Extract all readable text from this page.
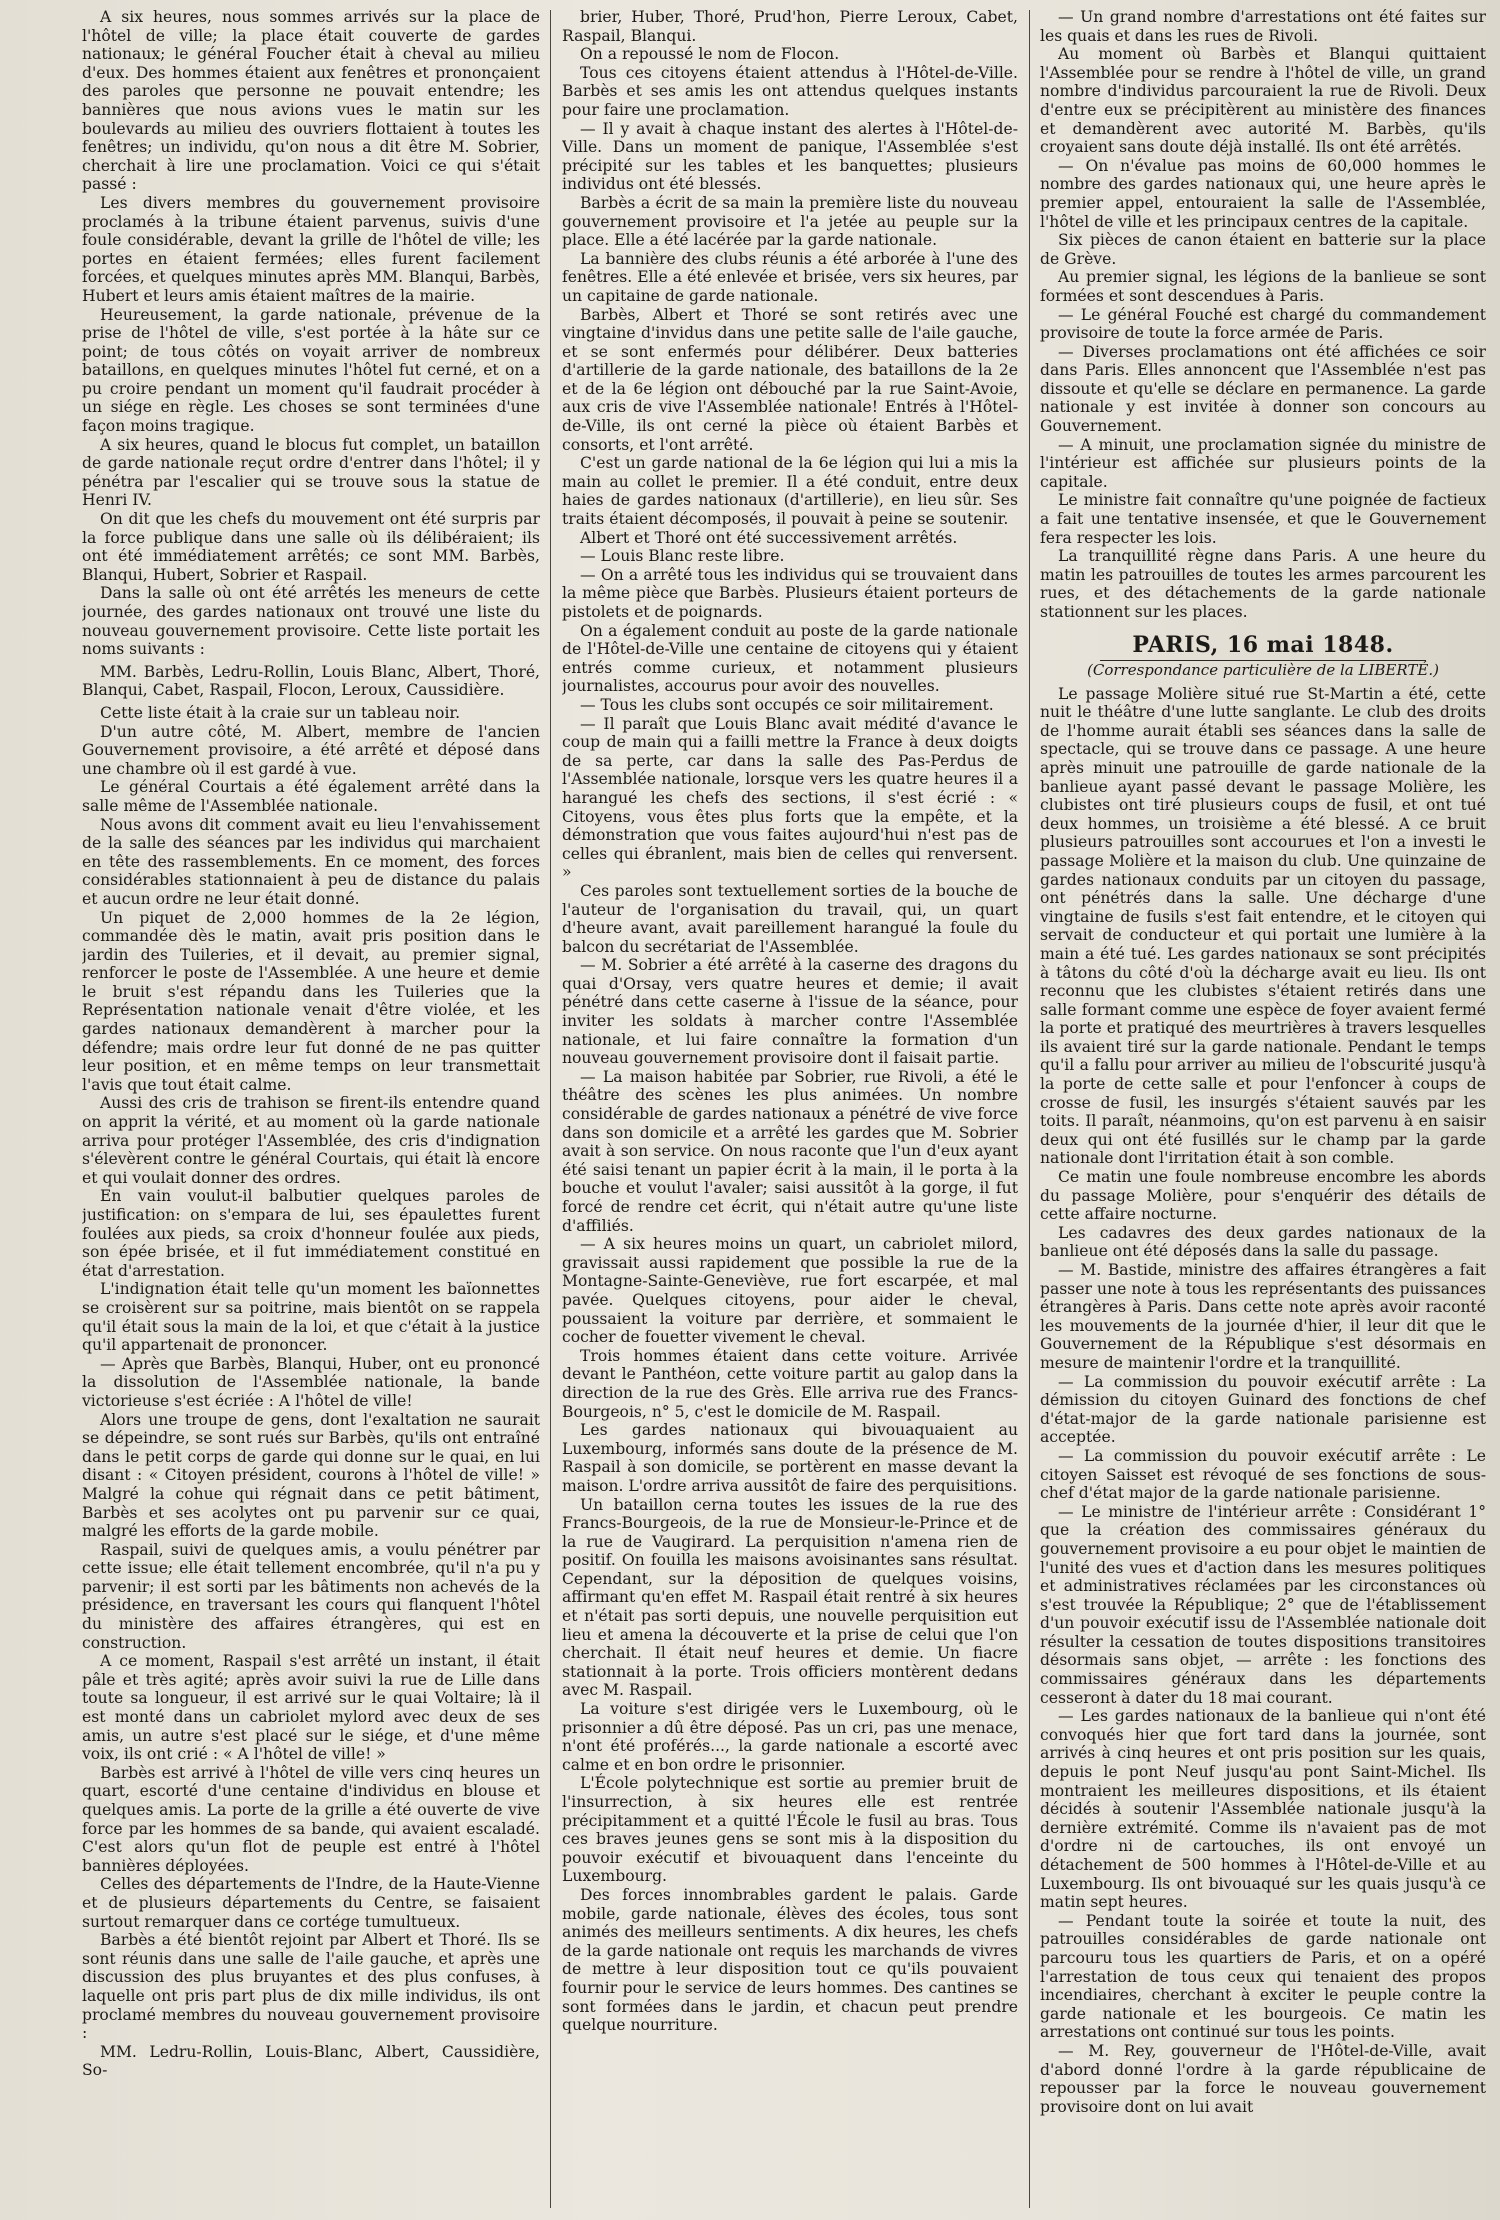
A six heures, nous sommes arrivés sur la place de l'hôtel de ville; la place était couverte de gardes nationaux; le général Foucher était à cheval au milieu d'eux. Des hommes étaient aux fenêtres et prononçaient des paroles que personne ne pouvait entendre; les bannières que nous avions vues le matin sur les boulevards au milieu des ouvriers flottaient à toutes les fenêtres; un individu, qu'on nous a dit être M. Sobrier, cherchait à lire une proclamation. Voici ce qui s'était passé :

Les divers membres du gouvernement provisoire proclamés à la tribune étaient parvenus, suivis d'une foule considérable, devant la grille de l'hôtel de ville; les portes en étaient fermées; elles furent facilement forcées, et quelques minutes après MM. Blanqui, Barbès, Hubert et leurs amis étaient maîtres de la mairie.

Heureusement, la garde nationale, prévenue de la prise de l'hôtel de ville, s'est portée à la hâte sur ce point; de tous côtés on voyait arriver de nombreux bataillons, en quelques minutes l'hôtel fut cerné, et on a pu croire pendant un moment qu'il faudrait procéder à un siége en règle. Les choses se sont terminées d'une façon moins tragique.

A six heures, quand le blocus fut complet, un bataillon de garde nationale reçut ordre d'entrer dans l'hôtel; il y pénétra par l'escalier qui se trouve sous la statue de Henri IV.

On dit que les chefs du mouvement ont été surpris par la force publique dans une salle où ils délibéraient; ils ont été immédiatement arrêtés; ce sont MM. Barbès, Blanqui, Hubert, Sobrier et Raspail.

Dans la salle où ont été arrêtés les meneurs de cette journée, des gardes nationaux ont trouvé une liste du nouveau gouvernement provisoire. Cette liste portait les noms suivants :

MM. Barbès, Ledru-Rollin, Louis Blanc, Albert, Thoré, Blanqui, Cabet, Raspail, Flocon, Leroux, Caussidière.

Cette liste était à la craie sur un tableau noir.

D'un autre côté, M. Albert, membre de l'ancien Gouvernement provisoire, a été arrêté et déposé dans une chambre où il est gardé à vue.

Le général Courtais a été également arrêté dans la salle même de l'Assemblée nationale.

Nous avons dit comment avait eu lieu l'envahissement de la salle des séances par les individus qui marchaient en tête des rassemblements. En ce moment, des forces considérables stationnaient à peu de distance du palais et aucun ordre ne leur était donné.

Un piquet de 2,000 hommes de la 2e légion, commandée dès le matin, avait pris position dans le jardin des Tuileries, et il devait, au premier signal, renforcer le poste de l'Assemblée. A une heure et demie le bruit s'est répandu dans les Tuileries que la Représentation nationale venait d'être violée, et les gardes nationaux demandèrent à marcher pour la défendre; mais ordre leur fut donné de ne pas quitter leur position, et en même temps on leur transmettait l'avis que tout était calme.

Aussi des cris de trahison se firent-ils entendre quand on apprit la vérité, et au moment où la garde nationale arriva pour protéger l'Assemblée, des cris d'indignation s'élevèrent contre le général Courtais, qui était là encore et qui voulait donner des ordres.

En vain voulut-il balbutier quelques paroles de justification: on s'empara de lui, ses épaulettes furent foulées aux pieds, sa croix d'honneur foulée aux pieds, son épée brisée, et il fut immédiatement constitué en état d'arrestation.

L'indignation était telle qu'un moment les baïonnettes se croisèrent sur sa poitrine, mais bientôt on se rappela qu'il était sous la main de la loi, et que c'était à la justice qu'il appartenait de prononcer.

— Après que Barbès, Blanqui, Huber, ont eu prononcé la dissolution de l'Assemblée nationale, la bande victorieuse s'est écriée : A l'hôtel de ville!

Alors une troupe de gens, dont l'exaltation ne saurait se dépeindre, se sont rués sur Barbès, qu'ils ont entraîné dans le petit corps de garde qui donne sur le quai, en lui disant : « Citoyen président, courons à l'hôtel de ville! » Malgré la cohue qui régnait dans ce petit bâtiment, Barbès et ses acolytes ont pu parvenir sur ce quai, malgré les efforts de la garde mobile.

Raspail, suivi de quelques amis, a voulu pénétrer par cette issue; elle était tellement encombrée, qu'il n'a pu y parvenir; il est sorti par les bâtiments non achevés de la présidence, en traversant les cours qui flanquent l'hôtel du ministère des affaires étrangères, qui est en construction.

A ce moment, Raspail s'est arrêté un instant, il était pâle et très agité; après avoir suivi la rue de Lille dans toute sa longueur, il est arrivé sur le quai Voltaire; là il est monté dans un cabriolet mylord avec deux de ses amis, un autre s'est placé sur le siége, et d'une même voix, ils ont crié : « A l'hôtel de ville! »

Barbès est arrivé à l'hôtel de ville vers cinq heures un quart, escorté d'une centaine d'individus en blouse et quelques amis. La porte de la grille a été ouverte de vive force par les hommes de sa bande, qui avaient escaladé. C'est alors qu'un flot de peuple est entré à l'hôtel bannières déployées.

Celles des départements de l'Indre, de la Haute-Vienne et de plusieurs départements du Centre, se faisaient surtout remarquer dans ce cortége tumultueux.

Barbès a été bientôt rejoint par Albert et Thoré. Ils se sont réunis dans une salle de l'aile gauche, et après une discussion des plus bruyantes et des plus confuses, à laquelle ont pris part plus de dix mille individus, ils ont proclamé membres du nouveau gouvernement provisoire :

MM. Ledru-Rollin, Louis-Blanc, Albert, Caussidière, So-

brier, Huber, Thoré, Prud'hon, Pierre Leroux, Cabet, Raspail, Blanqui.

On a repoussé le nom de Flocon.

Tous ces citoyens étaient attendus à l'Hôtel-de-Ville. Barbès et ses amis les ont attendus quelques instants pour faire une proclamation.

— Il y avait à chaque instant des alertes à l'Hôtel-de-Ville. Dans un moment de panique, l'Assemblée s'est précipité sur les tables et les banquettes; plusieurs individus ont été blessés.

Barbès a écrit de sa main la première liste du nouveau gouvernement provisoire et l'a jetée au peuple sur la place. Elle a été lacérée par la garde nationale.

La bannière des clubs réunis a été arborée à l'une des fenêtres. Elle a été enlevée et brisée, vers six heures, par un capitaine de garde nationale.

Barbès, Albert et Thoré se sont retirés avec une vingtaine d'invidus dans une petite salle de l'aile gauche, et se sont enfermés pour délibérer. Deux batteries d'artillerie de la garde nationale, des bataillons de la 2e et de la 6e légion ont débouché par la rue Saint-Avoie, aux cris de vive l'Assemblée nationale! Entrés à l'Hôtel-de-Ville, ils ont cerné la pièce où étaient Barbès et consorts, et l'ont arrêté.

C'est un garde national de la 6e légion qui lui a mis la main au collet le premier. Il a été conduit, entre deux haies de gardes nationaux (d'artillerie), en lieu sûr. Ses traits étaient décomposés, il pouvait à peine se soutenir.

Albert et Thoré ont été successivement arrêtés.

— Louis Blanc reste libre.

— On a arrêté tous les individus qui se trouvaient dans la même pièce que Barbès. Plusieurs étaient porteurs de pistolets et de poignards.

On a également conduit au poste de la garde nationale de l'Hôtel-de-Ville une centaine de citoyens qui y étaient entrés comme curieux, et notamment plusieurs journalistes, accourus pour avoir des nouvelles.

— Tous les clubs sont occupés ce soir militairement.

— Il paraît que Louis Blanc avait médité d'avance le coup de main qui a failli mettre la France à deux doigts de sa perte, car dans la salle des Pas-Perdus de l'Assemblée nationale, lorsque vers les quatre heures il a harangué les chefs des sections, il s'est écrié : « Citoyens, vous êtes plus forts que la empête, et la démonstration que vous faites aujourd'hui n'est pas de celles qui ébranlent, mais bien de celles qui renversent. »

Ces paroles sont textuellement sorties de la bouche de l'auteur de l'organisation du travail, qui, un quart d'heure avant, avait pareillement harangué la foule du balcon du secrétariat de l'Assemblée.

— M. Sobrier a été arrêté à la caserne des dragons du quai d'Orsay, vers quatre heures et demie; il avait pénétré dans cette caserne à l'issue de la séance, pour inviter les soldats à marcher contre l'Assemblée nationale, et lui faire connaître la formation d'un nouveau gouvernement provisoire dont il faisait partie.

— La maison habitée par Sobrier, rue Rivoli, a été le théâtre des scènes les plus animées. Un nombre considérable de gardes nationaux a pénétré de vive force dans son domicile et a arrêté les gardes que M. Sobrier avait à son service. On nous raconte que l'un d'eux ayant été saisi tenant un papier écrit à la main, il le porta à la bouche et voulut l'avaler; saisi aussitôt à la gorge, il fut forcé de rendre cet écrit, qui n'était autre qu'une liste d'affiliés.

— A six heures moins un quart, un cabriolet milord, gravissait aussi rapidement que possible la rue de la Montagne-Sainte-Geneviève, rue fort escarpée, et mal pavée. Quelques citoyens, pour aider le cheval, poussaient la voiture par derrière, et sommaient le cocher de fouetter vivement le cheval.

Trois hommes étaient dans cette voiture. Arrivée devant le Panthéon, cette voiture partit au galop dans la direction de la rue des Grès. Elle arriva rue des Francs-Bourgeois, n° 5, c'est le domicile de M. Raspail.

Les gardes nationaux qui bivouaquaient au Luxembourg, informés sans doute de la présence de M. Raspail à son domicile, se portèrent en masse devant la maison. L'ordre arriva aussitôt de faire des perquisitions.

Un bataillon cerna toutes les issues de la rue des Francs-Bourgeois, de la rue de Monsieur-le-Prince et de la rue de Vaugirard. La perquisition n'amena rien de positif. On fouilla les maisons avoisinantes sans résultat. Cependant, sur la déposition de quelques voisins, affirmant qu'en effet M. Raspail était rentré à six heures et n'était pas sorti depuis, une nouvelle perquisition eut lieu et amena la découverte et la prise de celui que l'on cherchait. Il était neuf heures et demie. Un fiacre stationnait à la porte. Trois officiers montèrent dedans avec M. Raspail.

La voiture s'est dirigée vers le Luxembourg, où le prisonnier a dû être déposé. Pas un cri, pas une menace, n'ont été proférés..., la garde nationale a escorté avec calme et en bon ordre le prisonnier.

L'École polytechnique est sortie au premier bruit de l'insurrection, à six heures elle est rentrée précipitamment et a quitté l'École le fusil au bras. Tous ces braves jeunes gens se sont mis à la disposition du pouvoir exécutif et bivouaquent dans l'enceinte du Luxembourg.

Des forces innombrables gardent le palais. Garde mobile, garde nationale, élèves des écoles, tous sont animés des meilleurs sentiments. A dix heures, les chefs de la garde nationale ont requis les marchands de vivres de mettre à leur disposition tout ce qu'ils pouvaient fournir pour le service de leurs hommes. Des cantines se sont formées dans le jardin, et chacun peut prendre quelque nourriture.

— Un grand nombre d'arrestations ont été faites sur les quais et dans les rues de Rivoli.

Au moment où Barbès et Blanqui quittaient l'Assemblée pour se rendre à l'hôtel de ville, un grand nombre d'individus parcouraient la rue de Rivoli. Deux d'entre eux se précipitèrent au ministère des finances et demandèrent avec autorité M. Barbès, qu'ils croyaient sans doute déjà installé. Ils ont été arrêtés.

— On n'évalue pas moins de 60,000 hommes le nombre des gardes nationaux qui, une heure après le premier appel, entouraient la salle de l'Assemblée, l'hôtel de ville et les principaux centres de la capitale.

Six pièces de canon étaient en batterie sur la place de Grève.

Au premier signal, les légions de la banlieue se sont formées et sont descendues à Paris.

— Le général Fouché est chargé du commandement provisoire de toute la force armée de Paris.

— Diverses proclamations ont été affichées ce soir dans Paris. Elles annoncent que l'Assemblée n'est pas dissoute et qu'elle se déclare en permanence. La garde nationale y est invitée à donner son concours au Gouvernement.

— A minuit, une proclamation signée du ministre de l'intérieur est affichée sur plusieurs points de la capitale.

Le ministre fait connaître qu'une poignée de factieux a fait une tentative insensée, et que le Gouvernement fera respecter les lois.

La tranquillité règne dans Paris. A une heure du matin les patrouilles de toutes les armes parcourent les rues, et des détachements de la garde nationale stationnent sur les places.

PARIS, 16 mai 1848.
(Correspondance particulière de la LIBERTÉ.)

Le passage Molière situé rue St-Martin a été, cette nuit le théâtre d'une lutte sanglante. Le club des droits de l'homme aurait établi ses séances dans la salle de spectacle, qui se trouve dans ce passage. A une heure après minuit une patrouille de garde nationale de la banlieue ayant passé devant le passage Molière, les clubistes ont tiré plusieurs coups de fusil, et ont tué deux hommes, un troisième a été blessé. A ce bruit plusieurs patrouilles sont accourues et l'on a investi le passage Molière et la maison du club. Une quinzaine de gardes nationaux conduits par un citoyen du passage, ont pénétrés dans la salle. Une décharge d'une vingtaine de fusils s'est fait entendre, et le citoyen qui servait de conducteur et qui portait une lumière à la main a été tué. Les gardes nationaux se sont précipités à tâtons du côté d'où la décharge avait eu lieu. Ils ont reconnu que les clubistes s'étaient retirés dans une salle formant comme une espèce de foyer avaient fermé la porte et pratiqué des meurtrières à travers lesquelles ils avaient tiré sur la garde nationale. Pendant le temps qu'il a fallu pour arriver au milieu de l'obscurité jusqu'à la porte de cette salle et pour l'enfoncer à coups de crosse de fusil, les insurgés s'étaient sauvés par les toits. Il paraît, néanmoins, qu'on est parvenu à en saisir deux qui ont été fusillés sur le champ par la garde nationale dont l'irritation était à son comble.

Ce matin une foule nombreuse encombre les abords du passage Molière, pour s'enquérir des détails de cette affaire nocturne.

Les cadavres des deux gardes nationaux de la banlieue ont été déposés dans la salle du passage.

— M. Bastide, ministre des affaires étrangères a fait passer une note à tous les représentants des puissances étrangères à Paris. Dans cette note après avoir raconté les mouvements de la journée d'hier, il leur dit que le Gouvernement de la République s'est désormais en mesure de maintenir l'ordre et la tranquillité.

— La commission du pouvoir exécutif arrête : La démission du citoyen Guinard des fonctions de chef d'état-major de la garde nationale parisienne est acceptée.

— La commission du pouvoir exécutif arrête : Le citoyen Saisset est révoqué de ses fonctions de sous-chef d'état major de la garde nationale parisienne.

— Le ministre de l'intérieur arrête : Considérant 1° que la création des commissaires généraux du gouvernement provisoire a eu pour objet le maintien de l'unité des vues et d'action dans les mesures politiques et administratives réclamées par les circonstances où s'est trouvée la République; 2° que de l'établissement d'un pouvoir exécutif issu de l'Assemblée nationale doit résulter la cessation de toutes dispositions transitoires désormais sans objet, — arrête : les fonctions des commissaires généraux dans les départements cesseront à dater du 18 mai courant.

— Les gardes nationaux de la banlieue qui n'ont été convoqués hier que fort tard dans la journée, sont arrivés à cinq heures et ont pris position sur les quais, depuis le pont Neuf jusqu'au pont Saint-Michel. Ils montraient les meilleures dispositions, et ils étaient décidés à soutenir l'Assemblée nationale jusqu'à la dernière extrémité. Comme ils n'avaient pas de mot d'ordre ni de cartouches, ils ont envoyé un détachement de 500 hommes à l'Hôtel-de-Ville et au Luxembourg. Ils ont bivouaqué sur les quais jusqu'à ce matin sept heures.

— Pendant toute la soirée et toute la nuit, des patrouilles considérables de garde nationale ont parcouru tous les quartiers de Paris, et on a opéré l'arrestation de tous ceux qui tenaient des propos incendiaires, cherchant à exciter le peuple contre la garde nationale et les bourgeois. Ce matin les arrestations ont continué sur tous les points.

— M. Rey, gouverneur de l'Hôtel-de-Ville, avait d'abord donné l'ordre à la garde républicaine de repousser par la force le nouveau gouvernement provisoire dont on lui avait
